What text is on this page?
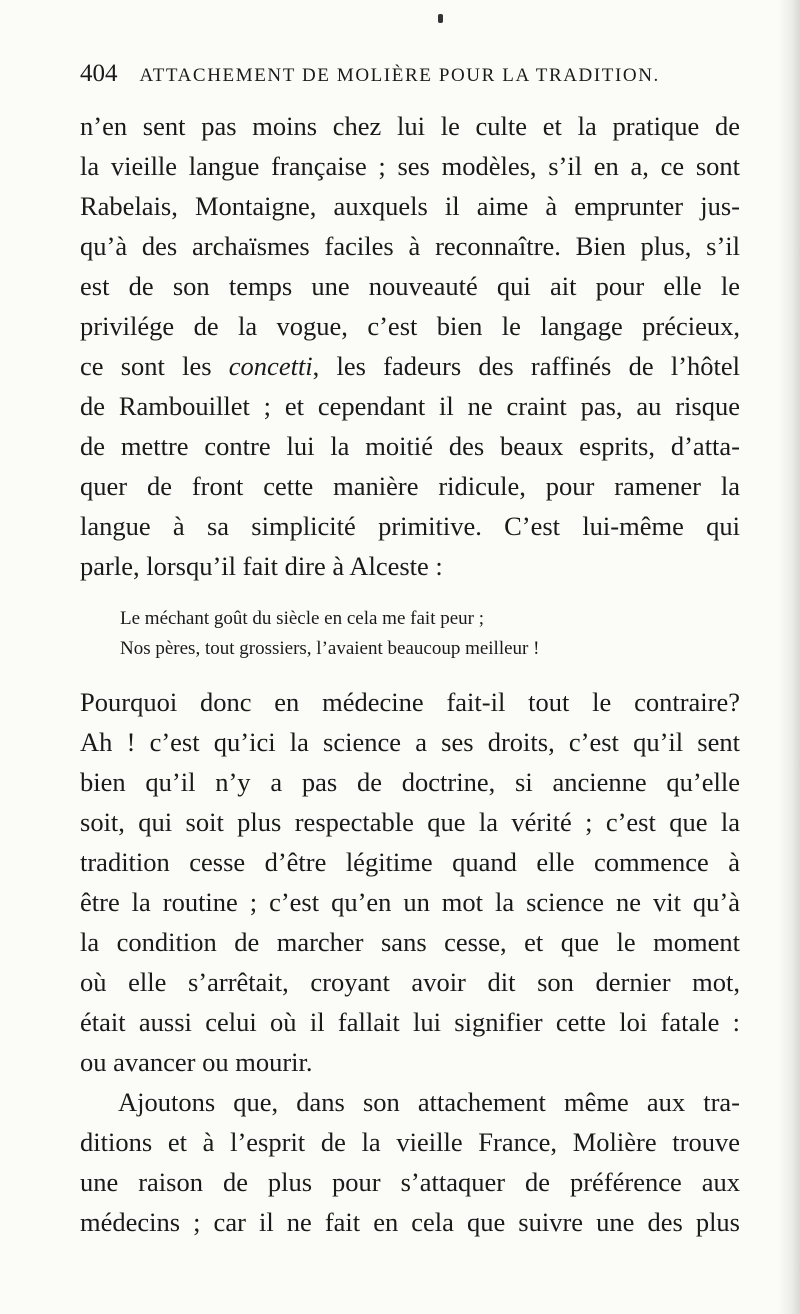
404 ATTACHEMENT DE MOLIÈRE POUR LA TRADITION.
n’en sent pas moins chez lui le culte et la pratique de
la vieille langue française ; ses modèles, s’il en a, ce sont
Rabelais, Montaigne, auxquels il aime à emprunter jus-
qu’à des archaïsmes faciles à reconnaître. Bien plus, s’il
est de son temps une nouveauté qui ait pour elle le
privilége de la vogue, c’est bien le langage précieux,
ce sont les concetti, les fadeurs des raffinés de l’hôtel
de Rambouillet ; et cependant il ne craint pas, au risque
de mettre contre lui la moitié des beaux esprits, d’atta-
quer de front cette manière ridicule, pour ramener la
langue à sa simplicité primitive. C’est lui-même qui
parle, lorsqu’il fait dire à Alceste :
Le méchant goût du siècle en cela me fait peur ;
Nos pères, tout grossiers, l’avaient beaucoup meilleur !
Pourquoi donc en médecine fait-il tout le contraire?
Ah ! c’est qu’ici la science a ses droits, c’est qu’il sent
bien qu’il n’y a pas de doctrine, si ancienne qu’elle
soit, qui soit plus respectable que la vérité ; c’est que la
tradition cesse d’être légitime quand elle commence à
être la routine ; c’est qu’en un mot la science ne vit qu’à
la condition de marcher sans cesse, et que le moment
où elle s’arrêtait, croyant avoir dit son dernier mot,
était aussi celui où il fallait lui signifier cette loi fatale :
ou avancer ou mourir.
Ajoutons que, dans son attachement même aux tra-
ditions et à l’esprit de la vieille France, Molière trouve
une raison de plus pour s’attaquer de préférence aux
médecins ; car il ne fait en cela que suivre une des plus
